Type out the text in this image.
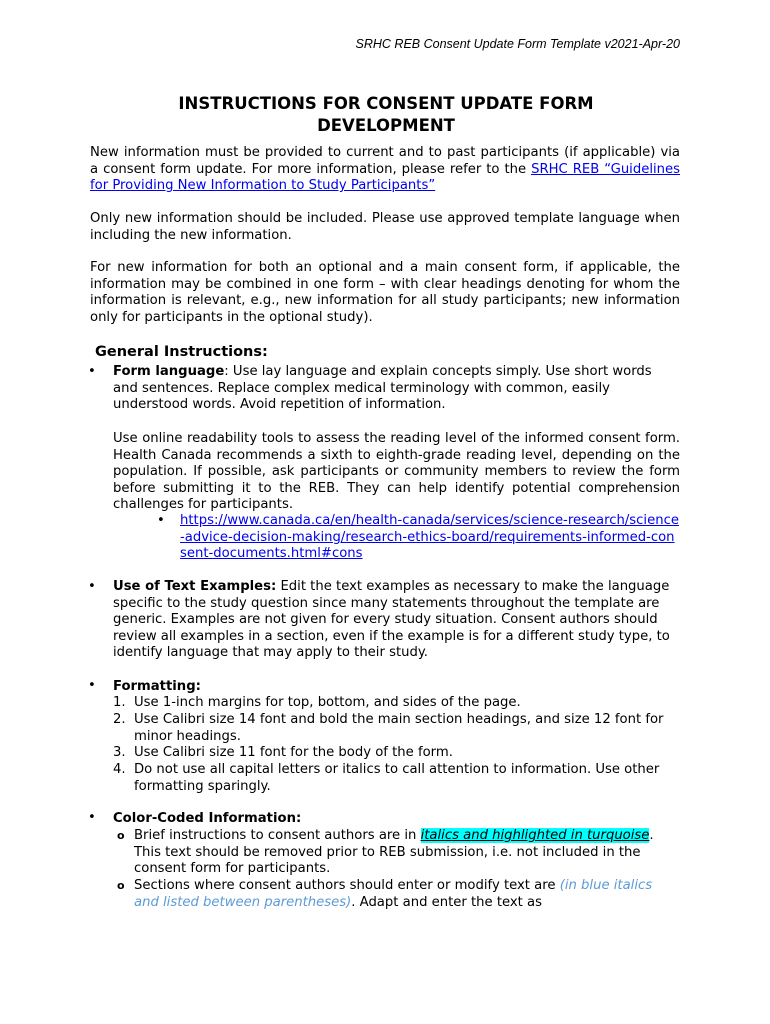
SRHC REB Consent Update Form Template v2021-Apr-20
INSTRUCTIONS FOR CONSENT UPDATE FORM
DEVELOPMENT
New information must be provided to current and to past participants (if applicable) via a consent form update. For more information, please refer to the SRHC REB “Guidelines for Providing New Information to Study Participants”
Only new information should be included. Please use approved template language when including the new information.
For new information for both an optional and a main consent form, if applicable, the information may be combined in one form – with clear headings denoting for whom the information is relevant, e.g., new information for all study participants; new information only for participants in the optional study).
General Instructions:
• Form language: Use lay language and explain concepts simply. Use short words and sentences. Replace complex medical terminology with common, easily understood words. Avoid repetition of information.
Use online readability tools to assess the reading level of the informed consent form. Health Canada recommends a sixth to eighth-grade reading level, depending on the population. If possible, ask participants or community members to review the form before submitting it to the REB. They can help identify potential comprehension challenges for participants.
• https://www.canada.ca/en/health-canada/services/science-research/science-advice-decision-making/research-ethics-board/requirements-informed-consent-documents.html#cons
• Use of Text Examples: Edit the text examples as necessary to make the language specific to the study question since many statements throughout the template are generic. Examples are not given for every study situation. Consent authors should review all examples in a section, even if the example is for a different study type, to identify language that may apply to their study.
• Formatting:
1. Use 1-inch margins for top, bottom, and sides of the page.
2. Use Calibri size 14 font and bold the main section headings, and size 12 font for minor headings.
3. Use Calibri size 11 font for the body of the form.
4. Do not use all capital letters or italics to call attention to information. Use other formatting sparingly.
• Color-Coded Information:
o Brief instructions to consent authors are in italics and highlighted in turquoise. This text should be removed prior to REB submission, i.e. not included in the consent form for participants.
o Sections where consent authors should enter or modify text are (in blue italics and listed between parentheses). Adapt and enter the text as
